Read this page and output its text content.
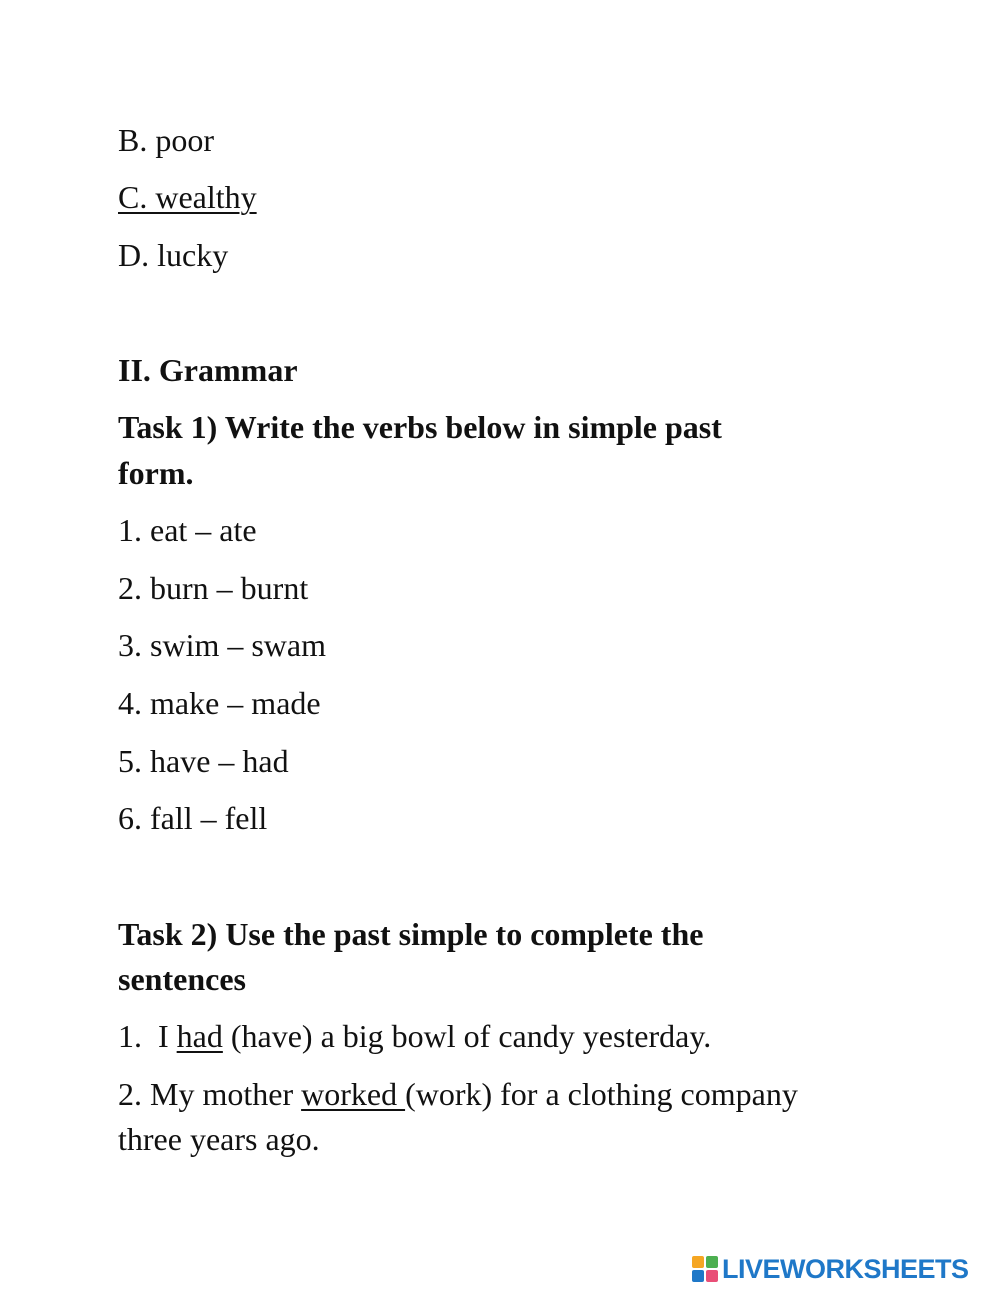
B. poor
C. wealthy
D. lucky
II. Grammar
Task 1) Write the verbs below in simple past
form.
1. eat – ate
2. burn – burnt
3. swim – swam
4. make – made
5. have – had
6. fall – fell
Task 2) Use the past simple to complete the
sentences
1.  I had (have) a big bowl of candy yesterday.
2. My mother worked (work) for a clothing company
three years ago.
LIVEWORKSHEETS
